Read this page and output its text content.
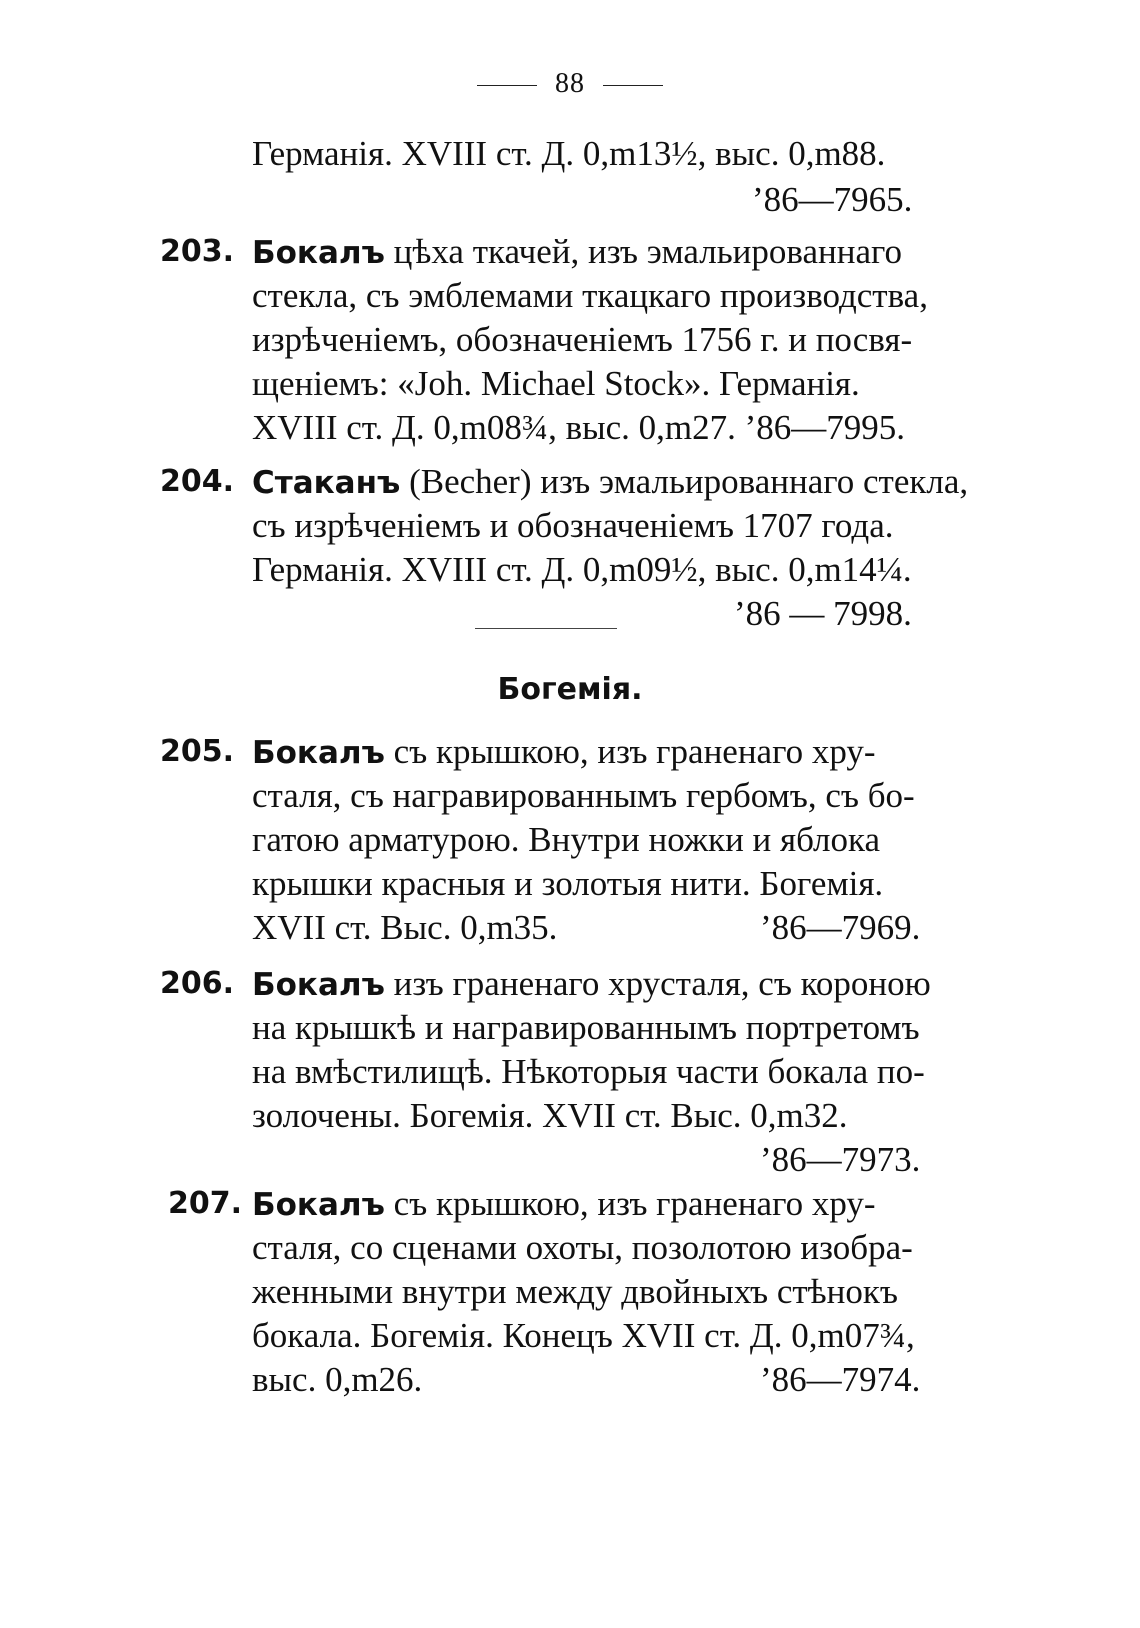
88
Германія. XVIII ст. Д. 0,m13½, выс. 0,m88.
’86—7965.
203. Бокалъ цѣха ткачей, изъ эмальированнаго
стекла, съ эмблемами ткацкаго производства,
изрѣченіемъ, обозначеніемъ 1756 г. и посвя-
щеніемъ: «Joh. Michael Stock». Германія.
XVIII ст. Д. 0,m08¾, выс. 0,m27. ’86—7995.
204. Стаканъ (Becher) изъ эмальированнаго стекла,
съ изрѣченіемъ и обозначеніемъ 1707 года.
Германія. XVIII ст. Д. 0,m09½, выс. 0,m14¼.
’86 — 7998.
Богемія.
205. Бокалъ съ крышкою, изъ граненаго хру-
сталя, съ награвированнымъ гербомъ, съ бо-
гатою арматурою. Внутри ножки и яблока
крышки красныя и золотыя нити. Богемія.
XVII ст. Выс. 0,m35.	’86—7969.
206. Бокалъ изъ граненаго хрусталя, съ короною
на крышкѣ и награвированнымъ портретомъ
на вмѣстилищѣ. Нѣкоторыя части бокала по-
золочены. Богемія. XVII ст. Выс. 0,m32.
’86—7973.
207. Бокалъ съ крышкою, изъ граненаго хру-
сталя, со сценами охоты, позолотою изобра-
женными внутри между двойныхъ стѣнокъ
бокала. Богемія. Конецъ XVII ст. Д. 0,m07¾,
выс. 0,m26.	’86—7974.
